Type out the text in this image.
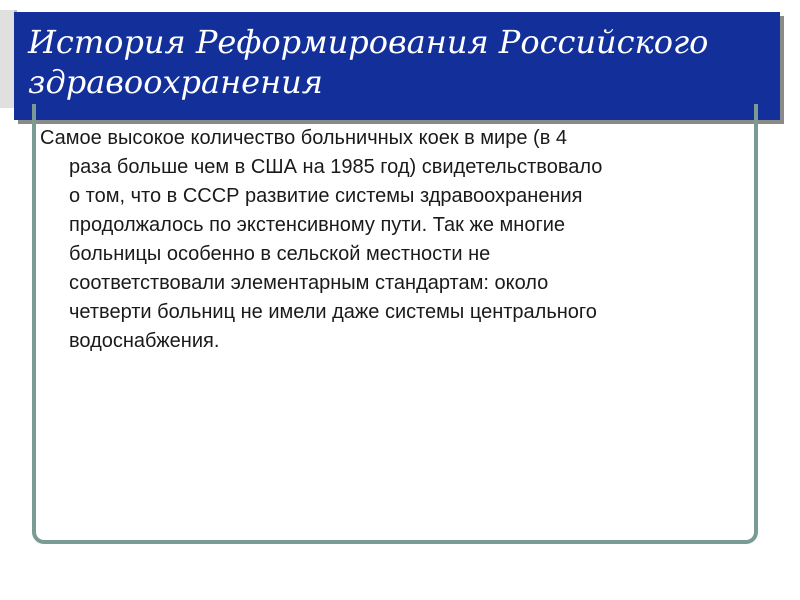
История Реформирования Российского здравоохранения

Самое высокое количество больничных коек в мире (в 4
раза больше чем в США на 1985 год) свидетельствовало
о том, что в СССР развитие системы здравоохранения
продолжалось по экстенсивному пути. Так же многие
больницы особенно в сельской местности не
соответствовали элементарным стандартам: около
четверти больниц не имели даже системы центрального
водоснабжения.
